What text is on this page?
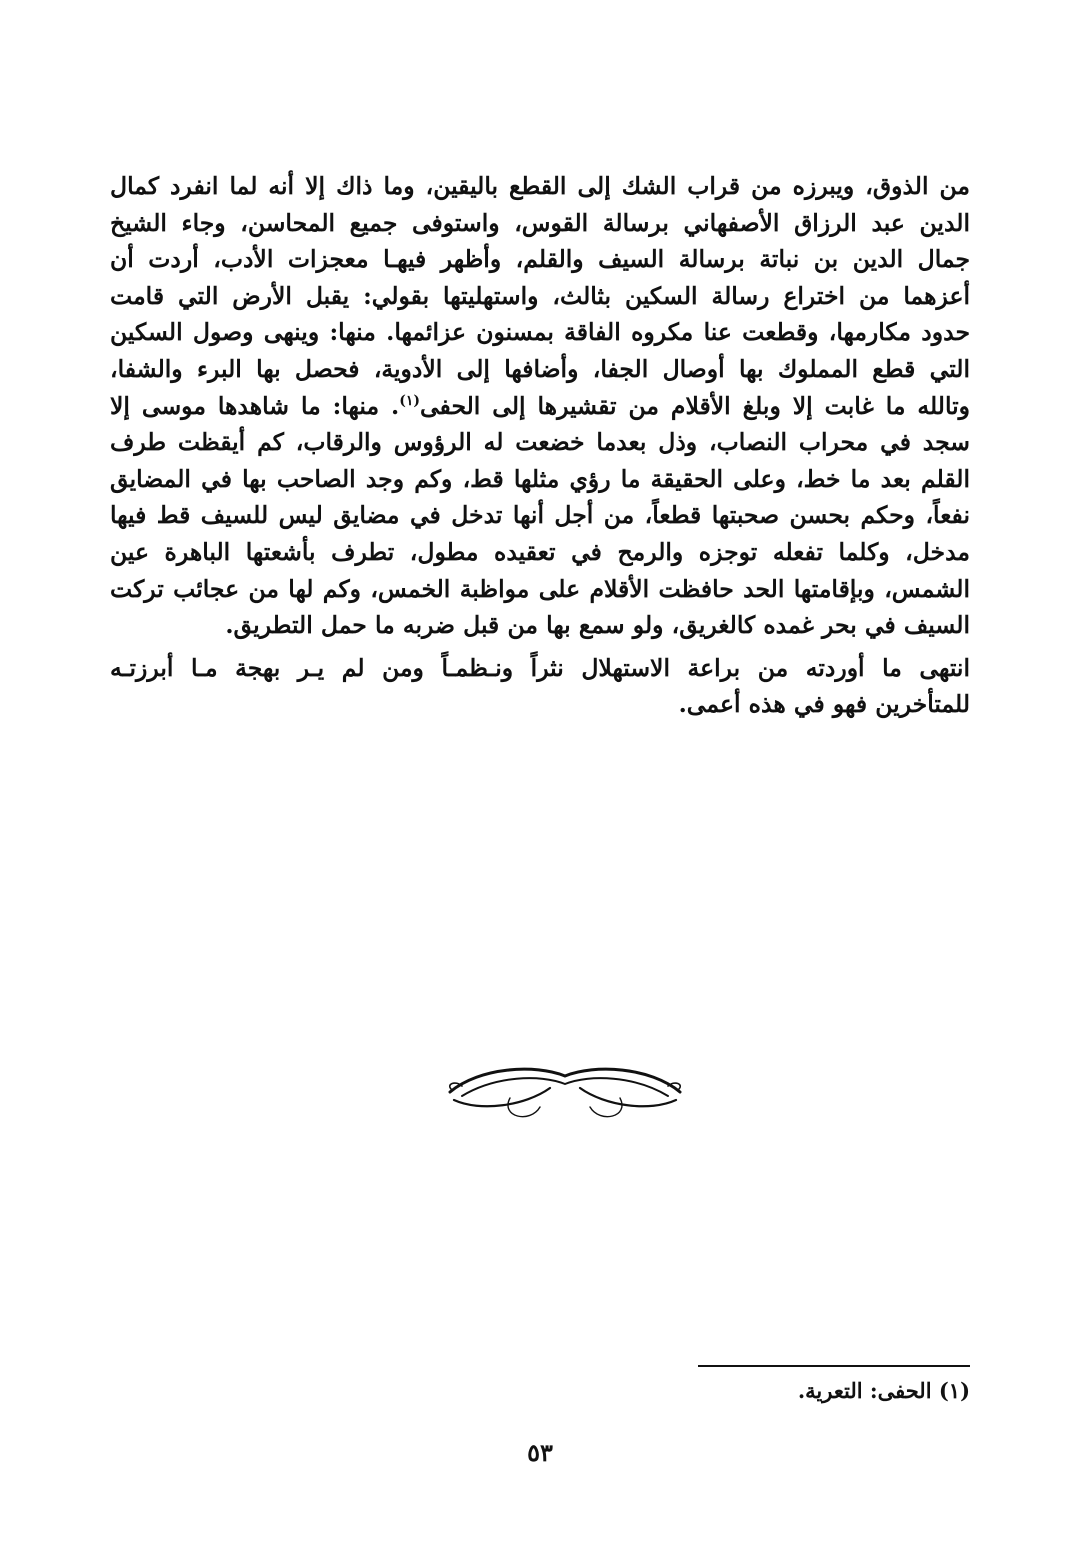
من الذوق، ويبرزه من قراب الشك إلى القطع باليقين، وما ذاك إلا أنه لما انفرد كمال
الدين عبد الرزاق الأصفهاني برسالة القوس، واستوفى جميع المحاسن، وجاء الشيخ
جمال الدين بن نباتة برسالة السيف والقلم، وأظهر فيهـا معجزات الأدب، أردت أن
أعزهما من اختراع رسالة السكين بثالث، واستهليتها بقولي: يقبل الأرض التي قامت
حدود مكارمها، وقطعت عنا مكروه الفاقة بمسنون عزائمها. منها: وينهى وصول السكين
التي قطع المملوك بها أوصال الجفا، وأضافها إلى الأدوية، فحصل بها البرء والشفا،
وتالله ما غابت إلا وبلغ الأقلام من تقشيرها إلى الحفى$^{(١)}$. منها: ما شاهدها موسى إلا
سجد في محراب النصاب، وذل بعدما خضعت له الرؤوس والرقاب، كم أيقظت طرف
القلم بعد ما خط، وعلى الحقيقة ما رؤي مثلها قط، وكم وجد الصاحب بها في المضايق
نفعاً، وحكم بحسن صحبتها قطعاً، من أجل أنها تدخل في مضايق ليس للسيف قط فيها
مدخل، وكلما تفعله توجزه والرمح في تعقيده مطول، تطرف بأشعتها الباهرة عين
الشمس، وبإقامتها الحد حافظت الأقلام على مواظبة الخمس، وكم لها من عجائب تركت
السيف في بحر غمده كالغريق، ولو سمع بها من قبل ضربه ما حمل التطريق.
انتهى ما أوردته من براعة الاستهلال نثراً ونـظمـاً ومن لم يـر بهجة مـا أبرزتـه
للمتأخرين فهو في هذه أعمى.
(١) الحفى: التعرية.
٥٣
